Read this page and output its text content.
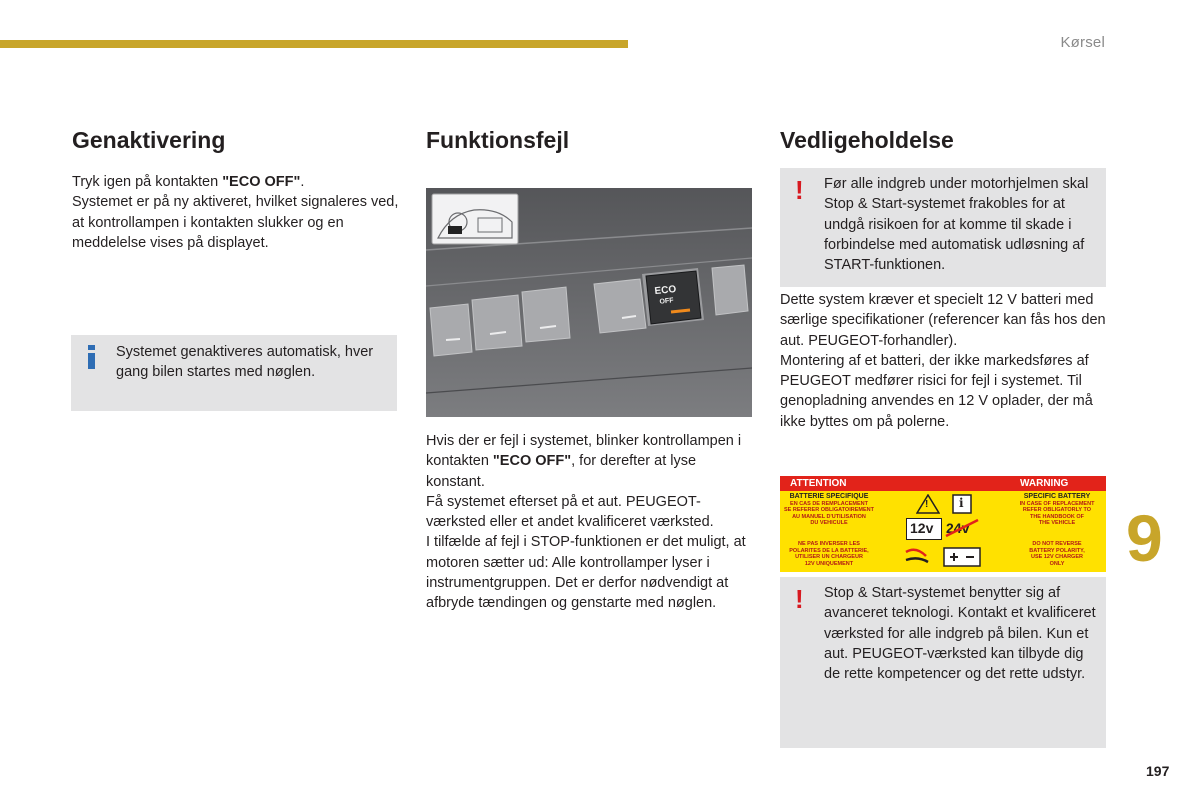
Kørsel
Genaktivering
Tryk igen på kontakten "ECO OFF".
Systemet er på ny aktiveret, hvilket signaleres ved, at kontrollampen i kontakten slukker og en meddelelse vises på displayet.

Systemet genaktiveres automatisk, hver gang bilen startes med nøglen.

Funktionsfejl
ECO
OFF
Hvis der er fejl i systemet, blinker kontrollampen i kontakten "ECO OFF", for derefter at lyse konstant.
Få systemet efterset på et aut. PEUGEOT-værksted eller et andet kvalificeret værksted.
I tilfælde af fejl i STOP-funktionen er det muligt, at motoren sætter ud: Alle kontrollamper lyser i instrumentgruppen. Det er derfor nødvendigt at afbryde tændingen og genstarte med nøglen.
Vedligeholdelse
! Før alle indgreb under motorhjelmen skal Stop & Start-systemet frakobles for at undgå risikoen for at komme til skade i forbindelse med automatisk udløsning af START-funktionen.

Dette system kræver et specielt 12 V batteri med særlige specifikationer (referencer kan fås hos den aut. PEUGEOT-forhandler).
Montering af et batteri, der ikke markedsføres af PEUGEOT medfører risici for fejl i systemet. Til genopladning anvendes en 12 V oplader, der må ikke byttes om på polerne.
ATTENTION	WARNING
BATTERIE SPECIFIQUE
EN CAS DE REMPLACEMENT
SE REFERER OBLIGATOIREMENT
AU MANUEL D'UTILISATION
DU VEHICULE
NE PAS INVERSER LES
POLARITES DE LA BATTERIE,
UTILISER UN CHARGEUR
12V UNIQUEMENT
SPECIFIC BATTERY
IN CASE OF REPLACEMENT
REFER OBLIGATORLY TO
THE HANDBOOK OF
THE VEHICLE
DO NOT REVERSE
BATTERY POLARITY,
USE 12V CHARGER
ONLY
!	i
12v 24v
! Stop & Start-systemet benytter sig af avanceret teknologi. Kontakt et kvalificeret værksted for alle indgreb på bilen. Kun et aut. PEUGEOT-værksted kan tilbyde dig de rette kompetencer og det rette udstyr.

9
197
